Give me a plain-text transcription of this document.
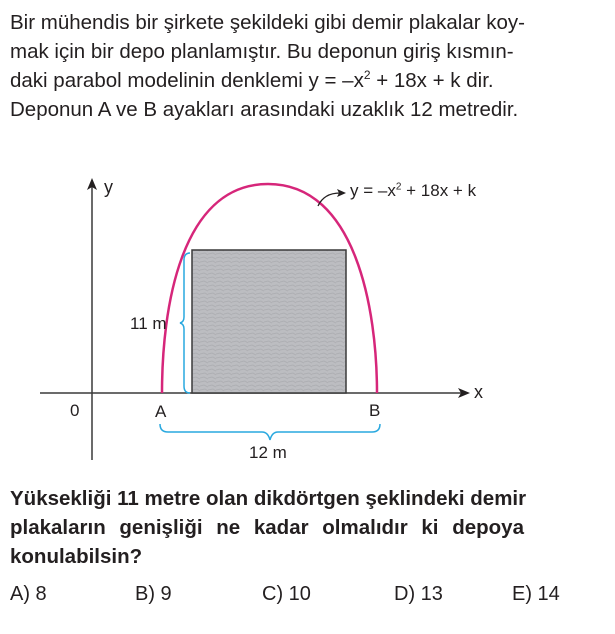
Bir mühendis bir şirkete şekildeki gibi demir plakalar koy-

mak için bir depo planlamıştır. Bu deponun giriş kısmın-

daki parabol modelinin denklemi $y = -x^2 + 18x + k$ dir.

Deponun A ve B ayakları arasındaki uzaklık 12 metredir.

y
x
0	A	B
$y = -x^2 + 18x + k$
11 m
12 m

Yüksekliği 11 metre olan dikdörtgen şeklindeki demir

plakaların genişliği ne kadar olmalıdır ki depoya

konulabilsin?

A) 8	B) 9	C) 10	D) 13	E) 14
